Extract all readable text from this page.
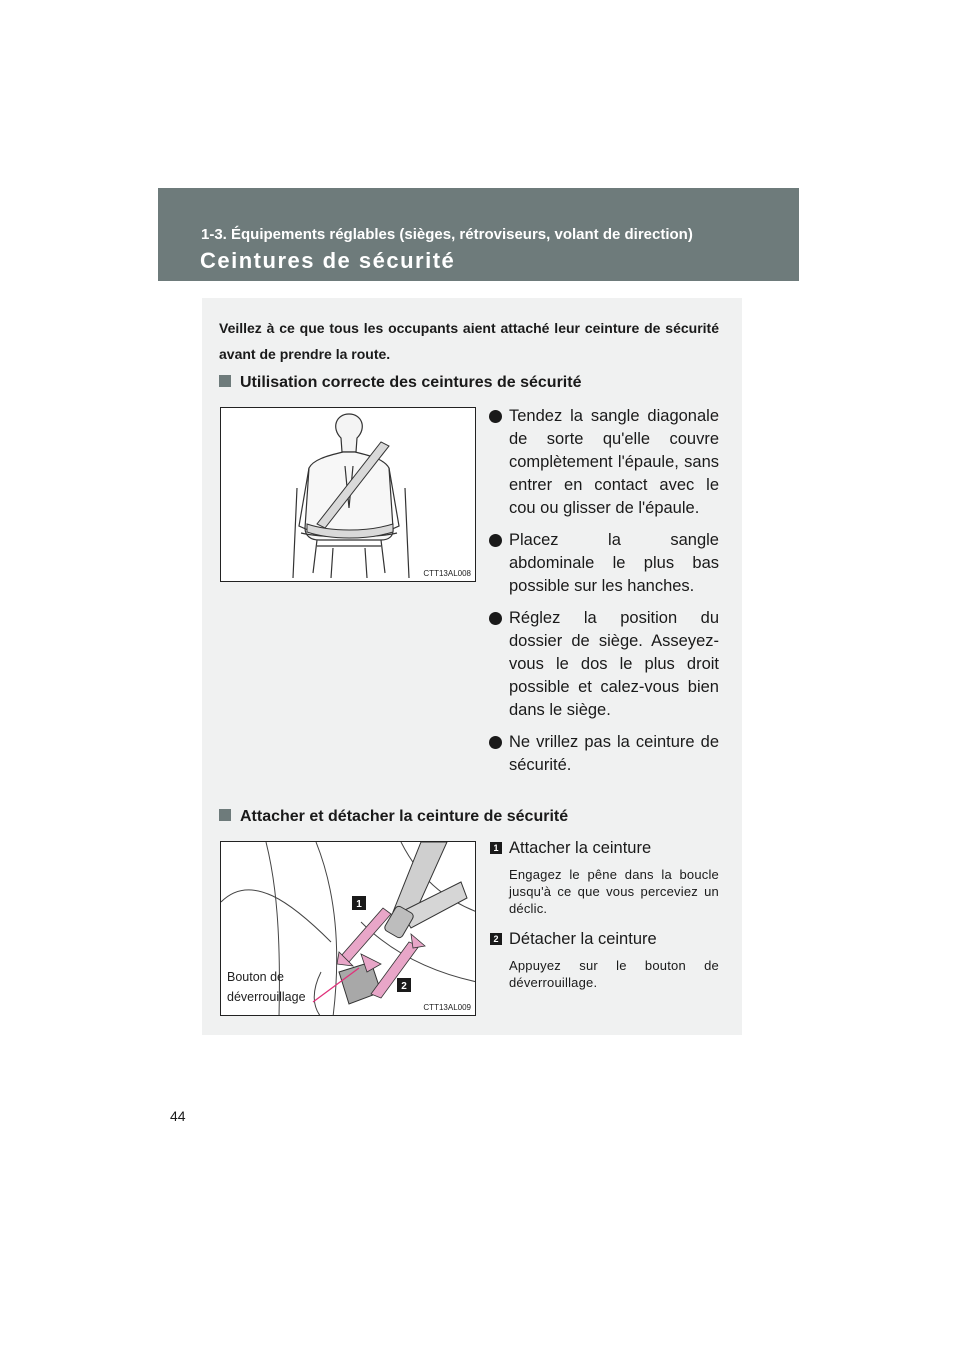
1-3. Équipements réglables (sièges, rétroviseurs, volant de direction)
Ceintures de sécurité
Veillez à ce que tous les occupants aient attaché leur ceinture de sécurité avant de prendre la route.
Utilisation correcte des ceintures de sécurité
CTT13AL008
Tendez la sangle diagonale de sorte qu'elle couvre complètement l'épaule, sans entrer en contact avec le cou ou glisser de l'épaule.
Placez la sangle abdominale le plus bas possible sur les hanches.
Réglez la position du dossier de siège. Asseyez-vous le dos le plus droit possible et calez-vous bien dans le siège.
Ne vrillez pas la ceinture de sécurité.
Attacher et détacher la ceinture de sécurité
1
2
Bouton de
déverrouillage
CTT13AL009
1 Attacher la ceinture
Engagez le pêne dans la boucle jusqu'à ce que vous perceviez un déclic.
2 Détacher la ceinture
Appuyez sur le bouton de déverrouillage.
44
